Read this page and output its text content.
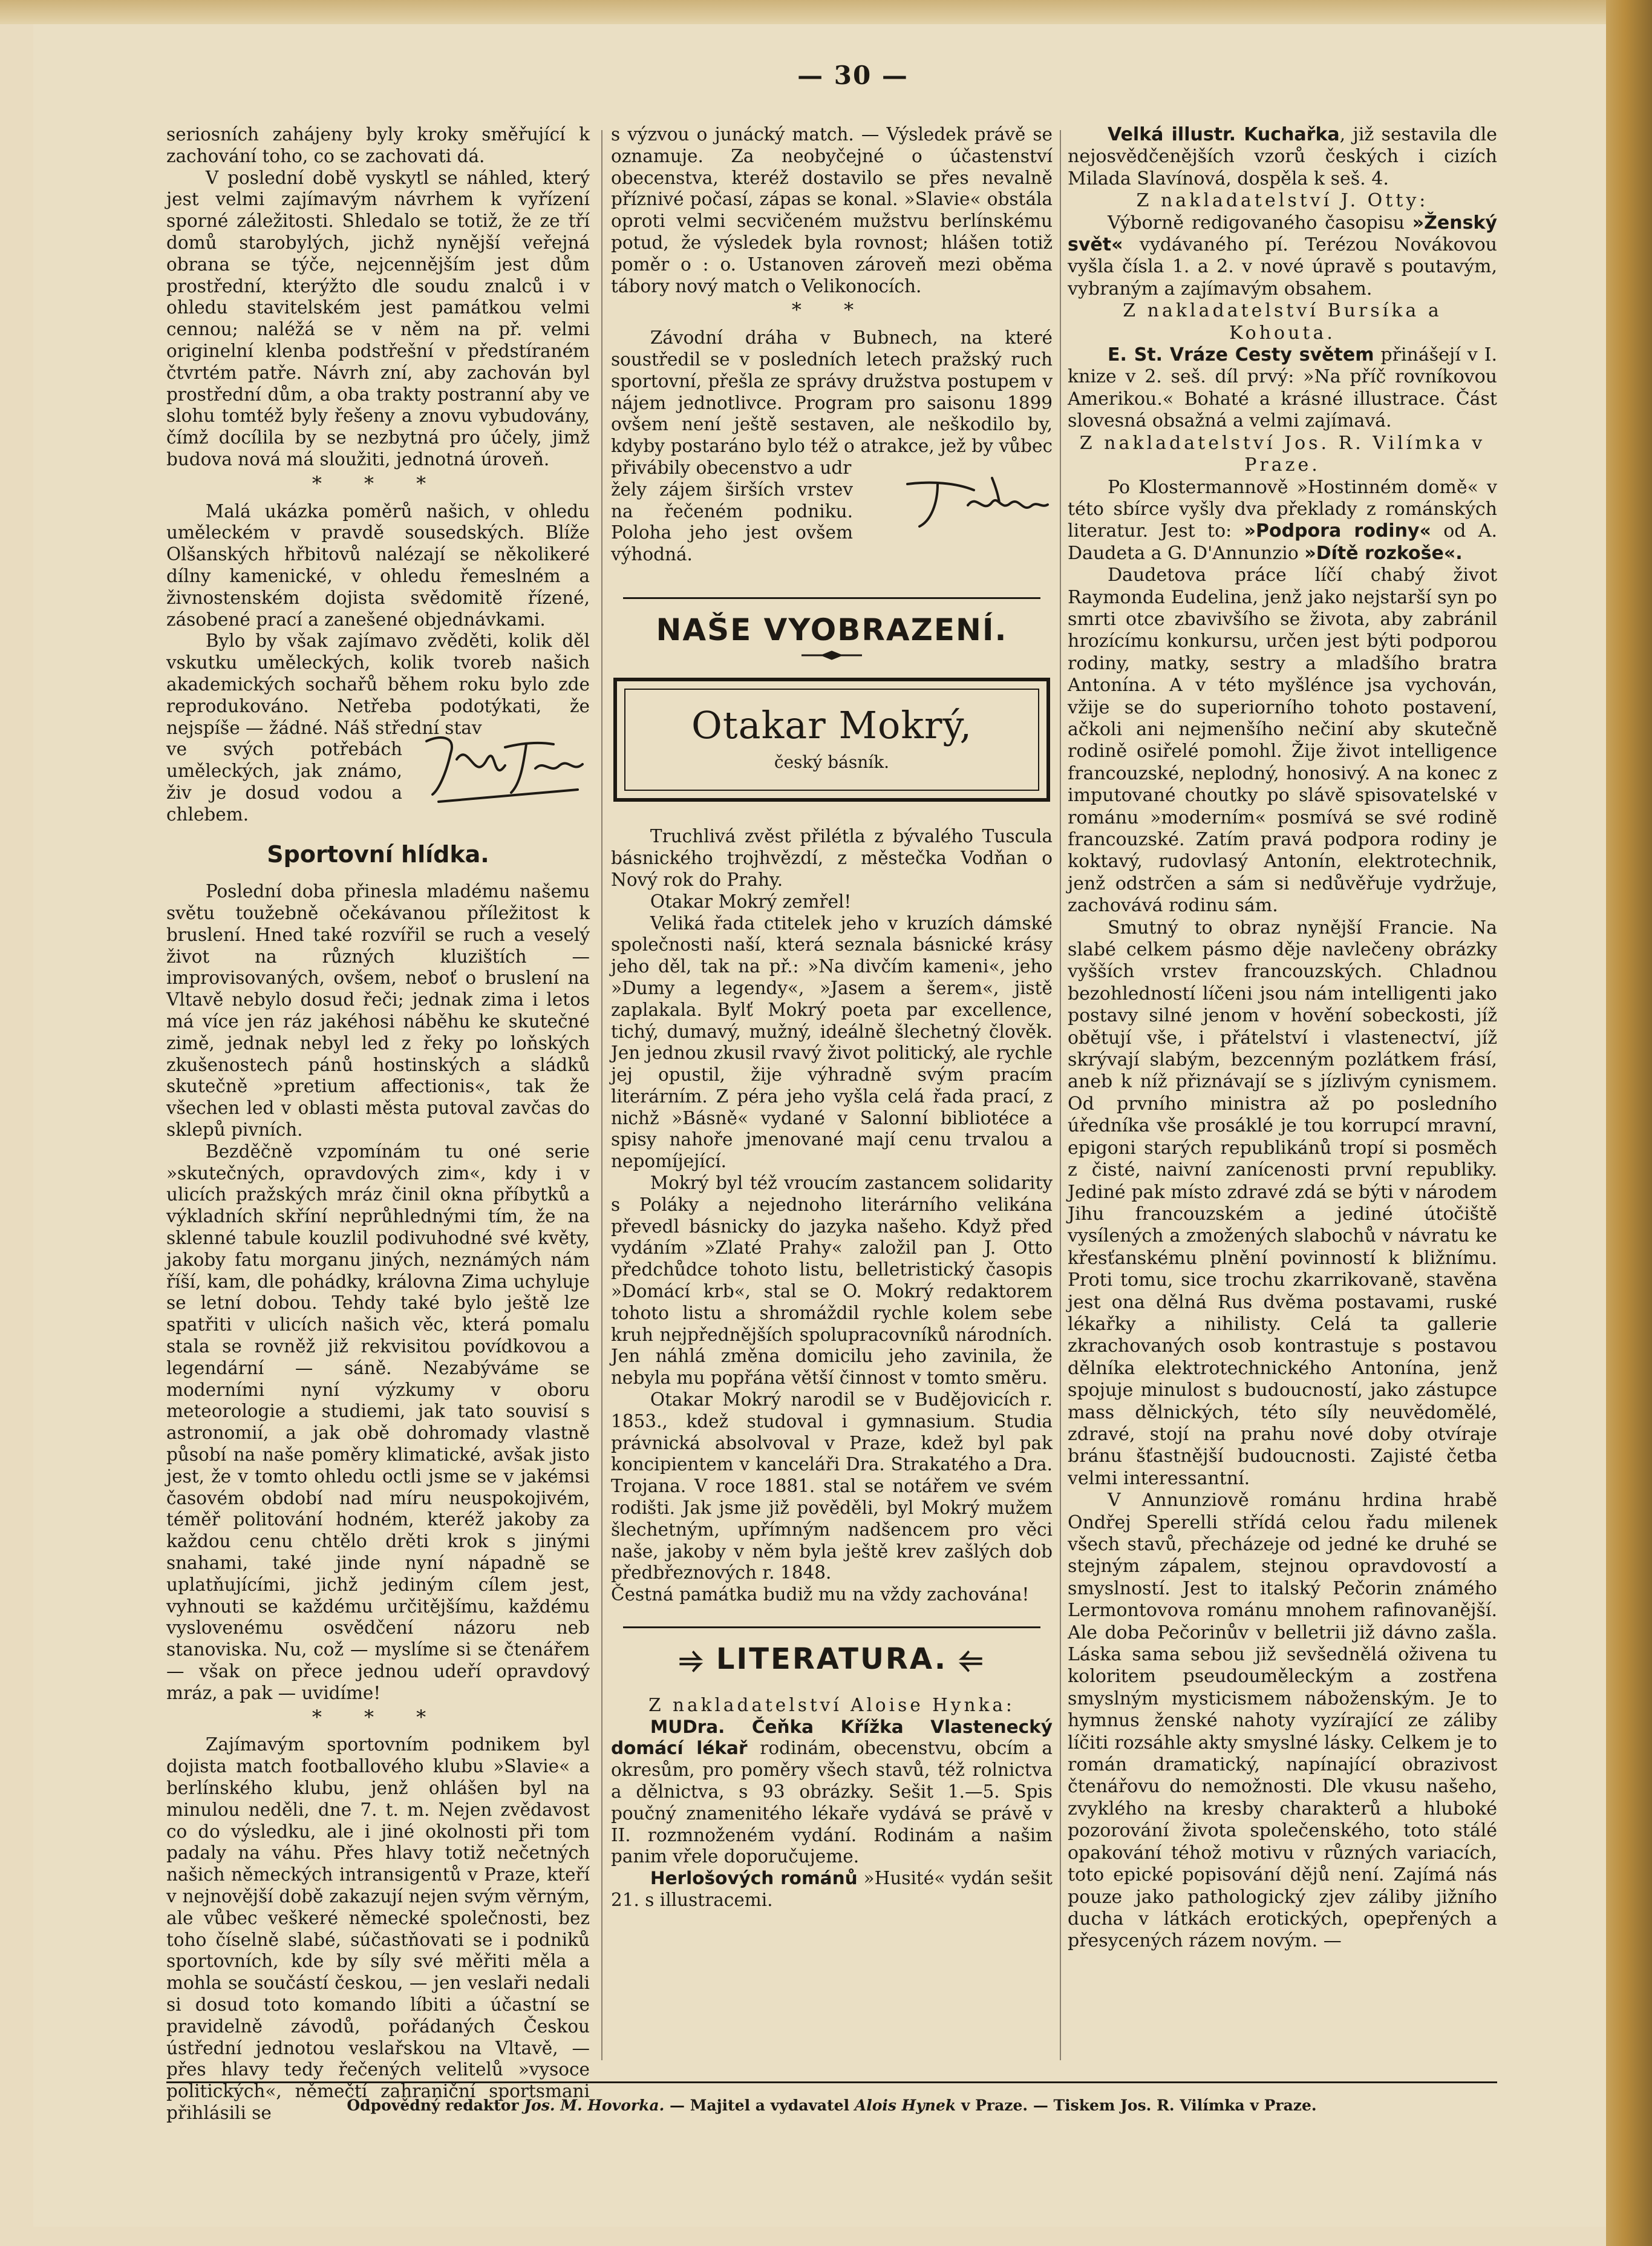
— 30 —

seriosních zahájeny byly kroky směřující k zachování toho, co se zachovati dá.

V poslední době vyskytl se náhled, který jest velmi zajímavým návrhem k vyřízení sporné záležitosti. Shledalo se totiž, že ze tří domů starobylých, jichž nynější veřejná obrana se týče, nejcennějším jest dům prostřední, kterýžto dle soudu znalců i v ohledu stavitelském jest památkou velmi cennou; naléžá se v něm na př. velmi originelní klenba podstřešní v předstíraném čtvrtém patře. Návrh zní, aby zachován byl prostřední dům, a oba trakty postranní aby ve slohu tomtéž byly řešeny a znovu vybudovány, čímž docílila by se nezbytná pro účely, jimž budova nová má sloužiti, jednotná úroveň.

* * *

Malá ukázka poměrů našich, v ohledu uměleckém v pravdě sousedských. Blíže Olšanských hřbitovů nalézají se několikeré dílny kamenické, v ohledu řemeslném a živnostenském dojista svědomitě řízené, zásobené prací a zanešené objednávkami.

Bylo by však zajímavo zvěděti, kolik děl vskutku uměleckých, kolik tvoreb našich akademických sochařů během roku bylo zde reprodukováno. Netřeba podotýkati, že nejspíše — žádné. Náš střední stav

ve svých potřebách uměleckých, jak známo, živ je dosud vodou a chlebem.

Sportovní hlídka.

Poslední doba přinesla mladému našemu světu toužebně očekávanou příležitost k bruslení. Hned také rozvířil se ruch a veselý život na různých kluzištích — improvisovaných, ovšem, neboť o bruslení na Vltavě nebylo dosud řeči; jednak zima i letos má více jen ráz jakéhosi náběhu ke skutečné zimě, jednak nebyl led z řeky po loňských zkušenostech pánů hostinských a sládků skutečně »pretium affectionis«, tak že všechen led v oblasti města putoval zavčas do sklepů pivních.

Bezděčně vzpomínám tu oné serie »skutečných, opravdových zim«, kdy i v ulicích pražských mráz činil okna příbytků a výkladních skříní neprůhlednými tím, že na sklenné tabule kouzlil podivuhodné své květy, jakoby fatu morganu jiných, neznámých nám říší, kam, dle pohádky, královna Zima uchyluje se letní dobou. Tehdy také bylo ještě lze spatřiti v ulicích našich věc, která pomalu stala se rovněž již rekvisitou povídkovou a legendární — sáně. Nezabýváme se moderními nyní výzkumy v oboru meteorologie a studiemi, jak tato souvisí s astronomií, a jak obě dohromady vlastně působí na naše poměry klimatické, avšak jisto jest, že v tomto ohledu octli jsme se v jakémsi časovém období nad míru neuspokojivém, téměř politování hodném, kteréž jakoby za každou cenu chtělo drěti krok s jinými snahami, také jinde nyní nápadně se uplatňujícími, jichž jediným cílem jest, vyhnouti se každému určitějšímu, každému vyslovenému osvědčení názoru neb stanoviska. Nu, což — myslíme si se čtenářem — však on přece jednou udeří opravdový mráz, a pak — uvidíme!

* * *

Zajímavým sportovním podnikem byl dojista match footballového klubu »Slavie« a berlínského klubu, jenž ohlášen byl na minulou neděli, dne 7. t. m. Nejen zvědavost co do výsledku, ale i jiné okolnosti při tom padaly na váhu. Přes hlavy totiž nečetných našich německých intransigentů v Praze, kteří v nejnovější době zakazují nejen svým věrným, ale vůbec veškeré německé společnosti, bez toho číselně slabé, súčastňovati se i podniků sportovních, kde by síly své měřiti měla a mohla se součástí českou, — jen veslaři nedali si dosud toto komando líbiti a účastní se pravidelně závodů, pořádaných Českou ústřední jednotou veslařskou na Vltavě, — přes hlavy tedy řečených velitelů »vysoce politických«, němečtí zahraniční sportsmani přihlásili se

s výzvou o junácký match. — Výsledek právě se oznamuje. Za neobyčejné o účastenství obecenstva, kteréž dostavilo se přes nevalně příznivé počasí, zápas se konal. »Slavie« obstála oproti velmi secvičeném mužstvu berlínskému potud, že výsledek byla rovnost; hlášen totiž poměr o : o. Ustanoven zároveň mezi oběma tábory nový match o Velikonocích.

* *

Závodní dráha v Bubnech, na které soustředil se v posledních letech pražský ruch sportovní, přešla ze správy družstva postupem v nájem jednotlivce. Program pro saisonu 1899 ovšem není ještě sestaven, ale neškodilo by, kdyby postaráno bylo též o atrakce, jež by vůbec přivábily obecenstvo a udr

žely zájem širších vrstev na řečeném podniku. Poloha jeho jest ovšem výhodná.

NAŠE VYOBRAZENÍ.
Otakar Mokrý,
český básník.

Truchlivá zvěst přilétla z bývalého Tuscula básnického trojhvězdí, z městečka Vodňan o Nový rok do Prahy.

Otakar Mokrý zemřel!

Veliká řada ctitelek jeho v kruzích dámské společnosti naší, která seznala básnické krásy jeho děl, tak na př.: »Na divčím kameni«, jeho »Dumy a legendy«, »Jasem a šerem«, jistě zaplakala. Bylť Mokrý poeta par excellence, tichý, dumavý, mužný, ideálně šlechetný člověk. Jen jednou zkusil rvavý život politický, ale rychle jej opustil, žije výhradně svým pracím literárním. Z péra jeho vyšla celá řada prací, z nichž »Básně« vydané v Salonní bibliotéce a spisy nahoře jmenované mají cenu trvalou a nepomíjející.

Mokrý byl též vroucím zastancem solidarity s Poláky a nejednoho literárního velikána převedl básnicky do jazyka našeho. Když před vydáním »Zlaté Prahy« založil pan J. Otto předchůdce tohoto listu, belletristický časopis »Domácí krb«, stal se O. Mokrý redaktorem tohoto listu a shromáždil rychle kolem sebe kruh nejpřednějších spolupracovníků národních. Jen náhlá změna domicilu jeho zavinila, že nebyla mu popřána větší činnost v tomto směru.

Otakar Mokrý narodil se v Budějovicích r. 1853., kdež studoval i gymnasium. Studia právnická absolvoval v Praze, kdež byl pak koncipientem v kanceláři Dra. Strakatého a Dra. Trojana. V roce 1881. stal se notářem ve svém rodišti. Jak jsme již pověděli, byl Mokrý mužem šlechetným, upřímným nadšencem pro věci naše, jakoby v něm byla ještě krev zašlých dob předbřeznových r. 1848.

Čestná památka budiž mu na vždy zachována!

⥤ LITERATURA. ⥢

Z nakladatelství Aloise Hynka:

MUDra. Čeňka Křížka Vlastenecký domácí lékař rodinám, obecenstvu, obcím a okresům, pro poměry všech stavů, též rolnictva a dělnictva, s 93 obrázky. Sešit 1.—5. Spis poučný znamenitého lékaře vydává se právě v II. rozmnoženém vydání. Rodinám a našim panim vřele doporučujeme.

Herlošových románů »Husité« vydán sešit 21. s illustracemi.

Velká illustr. Kuchařka, již sestavila dle nejosvědčenějších vzorů českých i cizích Milada Slavínová, dospěla k seš. 4.

Z nakladatelství J. Otty:

Výborně redigovaného časopisu »Ženský svět« vydávaného pí. Terézou Novákovou vyšla čísla 1. a 2. v nové úpravě s poutavým, vybraným a zajímavým obsahem.

Z nakladatelství Bursíka a Kohouta.

E. St. Vráze Cesty světem přinášejí v I. knize v 2. seš. díl prvý: »Na příč rovníkovou Amerikou.« Bohaté a krásné illustrace. Část slovesná obsažná a velmi zajímavá.

Z nakladatelství Jos. R. Vilímka v Praze.

Po Klostermannově »Hostinném domě« v této sbírce vyšly dva překlady z románských literatur. Jest to: »Podpora rodiny« od A. Daudeta a G. D'Annunzio »Dítě rozkoše«.

Daudetova práce líčí chabý život Raymonda Eudelina, jenž jako nejstarší syn po smrti otce zbavivšího se života, aby zabránil hrozícímu konkursu, určen jest býti podporou rodiny, matky, sestry a mladšího bratra Antonína. A v této myšlénce jsa vychován, vžije se do superiorního tohoto postavení, ačkoli ani nejmenšího nečiní aby skutečně rodině osiřelé pomohl. Žije život intelligence francouzské, neplodný, honosivý. A na konec z imputované choutky po slávě spisovatelské v románu »moderním« posmívá se své rodině francouzské. Zatím pravá podpora rodiny je koktavý, rudovlasý Antonín, elektrotechnik, jenž odstrčen a sám si nedůvěřuje vydržuje, zachovává rodinu sám.

Smutný to obraz nynější Francie. Na slabé celkem pásmo děje navlečeny obrázky vyšších vrstev francouzských. Chladnou bezohledností líčeni jsou nám intelligenti jako postavy silné jenom v hovění sobeckosti, jíž obětují vše, i přátelství i vlastenectví, jíž skrývají slabým, bezcenným pozlátkem frásí, aneb k níž přiznávají se s jízlivým cynismem. Od prvního ministra až po posledního úředníka vše prosáklé je tou korrupcí mravní, epigoni starých republikánů tropí si posměch z čisté, naivní zanícenosti první republiky. Jediné pak místo zdravé zdá se býti v národem Jihu francouzském a jediné útočiště vysílených a zmožených slabochů v návratu ke křesťanskému plnění povinností k bližnímu. Proti tomu, sice trochu zkarrikovaně, stavěna jest ona dělná Rus dvěma postavami, ruské lékařky a nihilisty. Celá ta gallerie zkrachovaných osob kontrastuje s postavou dělníka elektrotechnického Antonína, jenž spojuje minulost s budoucností, jako zástupce mass dělnických, této síly neuvědomělé, zdravé, stojí na prahu nové doby otvíraje bránu šťastnější budoucnosti. Zajisté četba velmi interessantní.

V Annunziově románu hrdina hrabě Ondřej Sperelli střídá celou řadu milenek všech stavů, přecházeje od jedné ke druhé se stejným zápalem, stejnou opravdovostí a smyslností. Jest to italský Pečorin známého Lermontovova románu mnohem rafinovanější. Ale doba Pečorinův v belletrii již dávno zašla. Láska sama sebou již sevšednělá oživena tu koloritem pseudouměleckým a zostřena smyslným mysticismem náboženským. Je to hymnus ženské nahoty vyzírající ze záliby líčiti rozsáhle akty smyslné lásky. Celkem je to román dramatický, napínající obrazivost čtenářovu do nemožnosti. Dle vkusu našeho, zvyklého na kresby charakterů a hluboké pozorování života společenského, toto stálé opakování téhož motivu v různých variacích, toto epické popisování dějů není. Zajímá nás pouze jako pathologický zjev záliby jižního ducha v látkách erotických, opepřených a přesycených rázem novým. —

Odpovědný redaktor Jos. M. Hovorka. — Majitel a vydavatel Alois Hynek v Praze. — Tiskem Jos. R. Vilímka v Praze.
